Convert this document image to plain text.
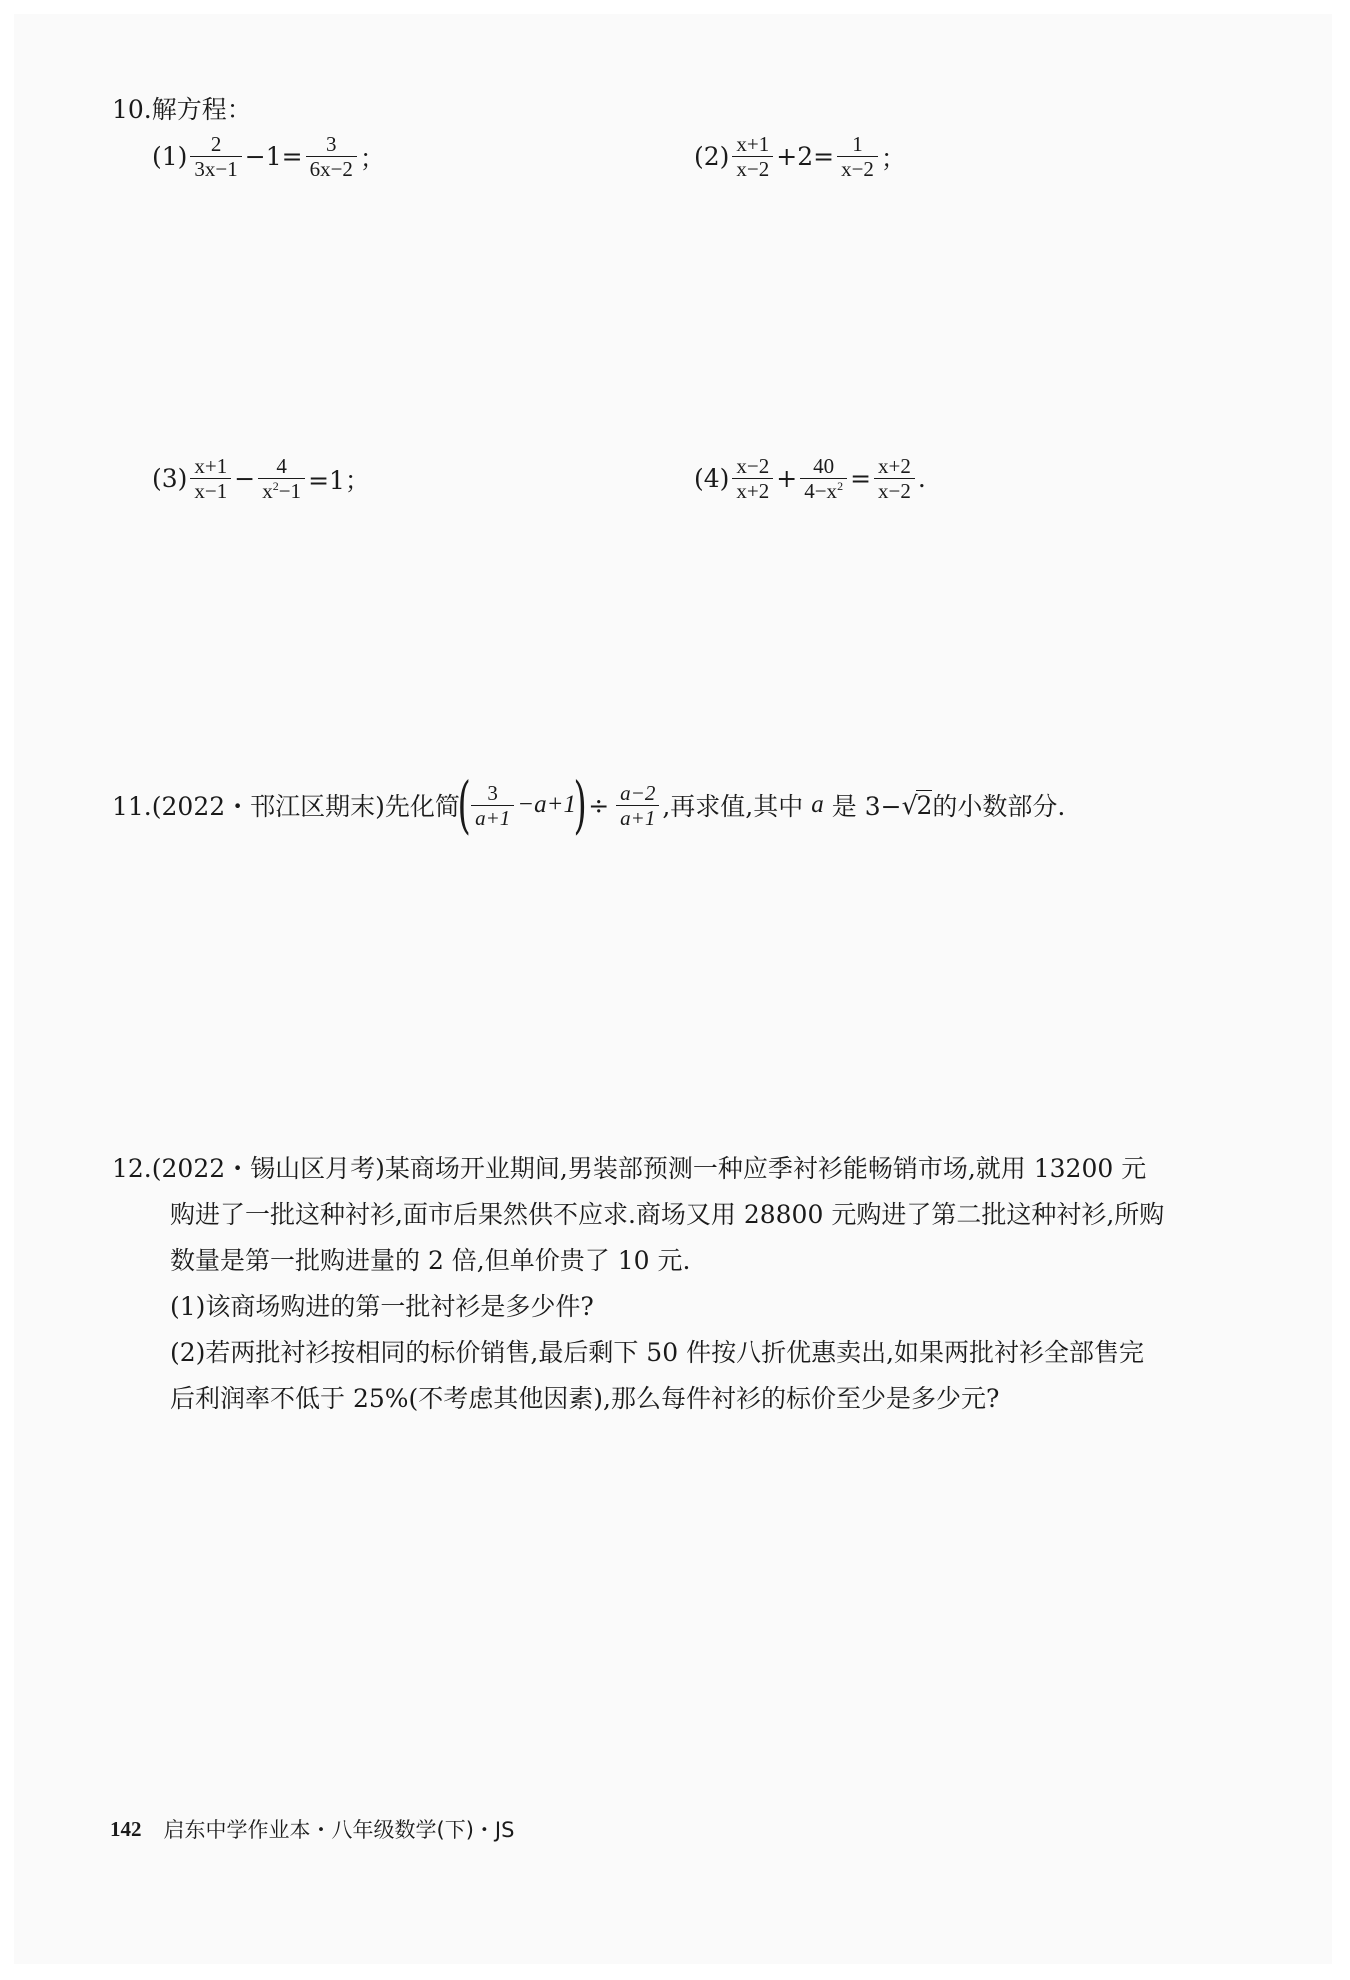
10.解方程：
$(1) \frac{2}{3x-1} -1= \frac{3}{6x-2}$ ；	$(2) \frac{x+1}{x-2} +2= \frac{1}{x-2}$ ；
$(3) \frac{x+1}{x-1} - \frac{4}{x^2-1} =1$；	$(4) \frac{x-2}{x+2} + \frac{40}{4-x^2} = \frac{x+2}{x-2}$ .
11.(2022・邗江区期末)先化简
( $\frac{3}{a+1} -a+1$
) ÷ $\frac{a-2}{a+1}$ ,再求值,其中 a 是 3− √ 2 的小数部分.
12.(2022・锡山区月考)某商场开业期间,男装部预测一种应季衬衫能畅销市场,就用 13200 元
购进了一批这种衬衫,面市后果然供不应求.商场又用 28800 元购进了第二批这种衬衫,所购
数量是第一批购进量的 2 倍,但单价贵了 10 元.
(1)该商场购进的第一批衬衫是多少件?
(2)若两批衬衫按相同的标价销售,最后剩下 50 件按八折优惠卖出,如果两批衬衫全部售完
后利润率不低于 25%(不考虑其他因素),那么每件衬衫的标价至少是多少元?
142 启东中学作业本・八年级数学(下)・JS
